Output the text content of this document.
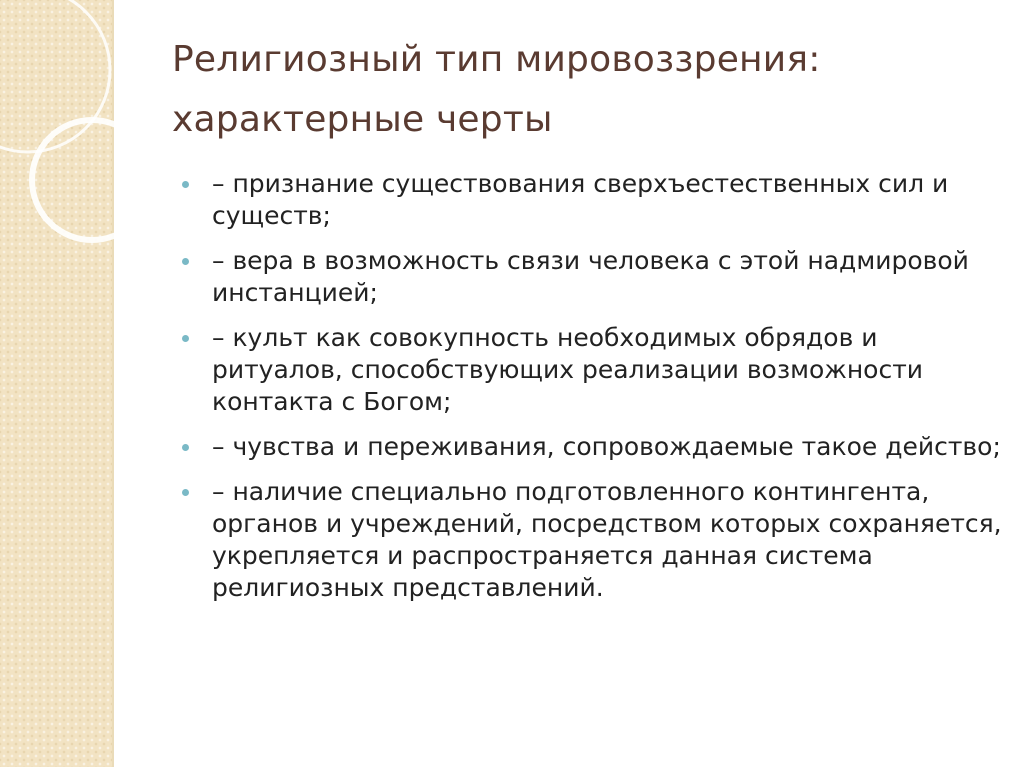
Религиозный тип мировоззрения:
характерные черты
– признание существования сверхъестественных сил и существ;
– вера в возможность связи человека с этой надмировой инстанцией;
– культ как совокупность необходимых обрядов и ритуалов, способствующих реализации возможности контакта с Богом;
– чувства и переживания, сопровождаемые такое действо;
– наличие специально подготовленного контингента, органов и учреждений, посредством которых сохраняется, укрепляется и распространяется данная система религиозных представлений.
